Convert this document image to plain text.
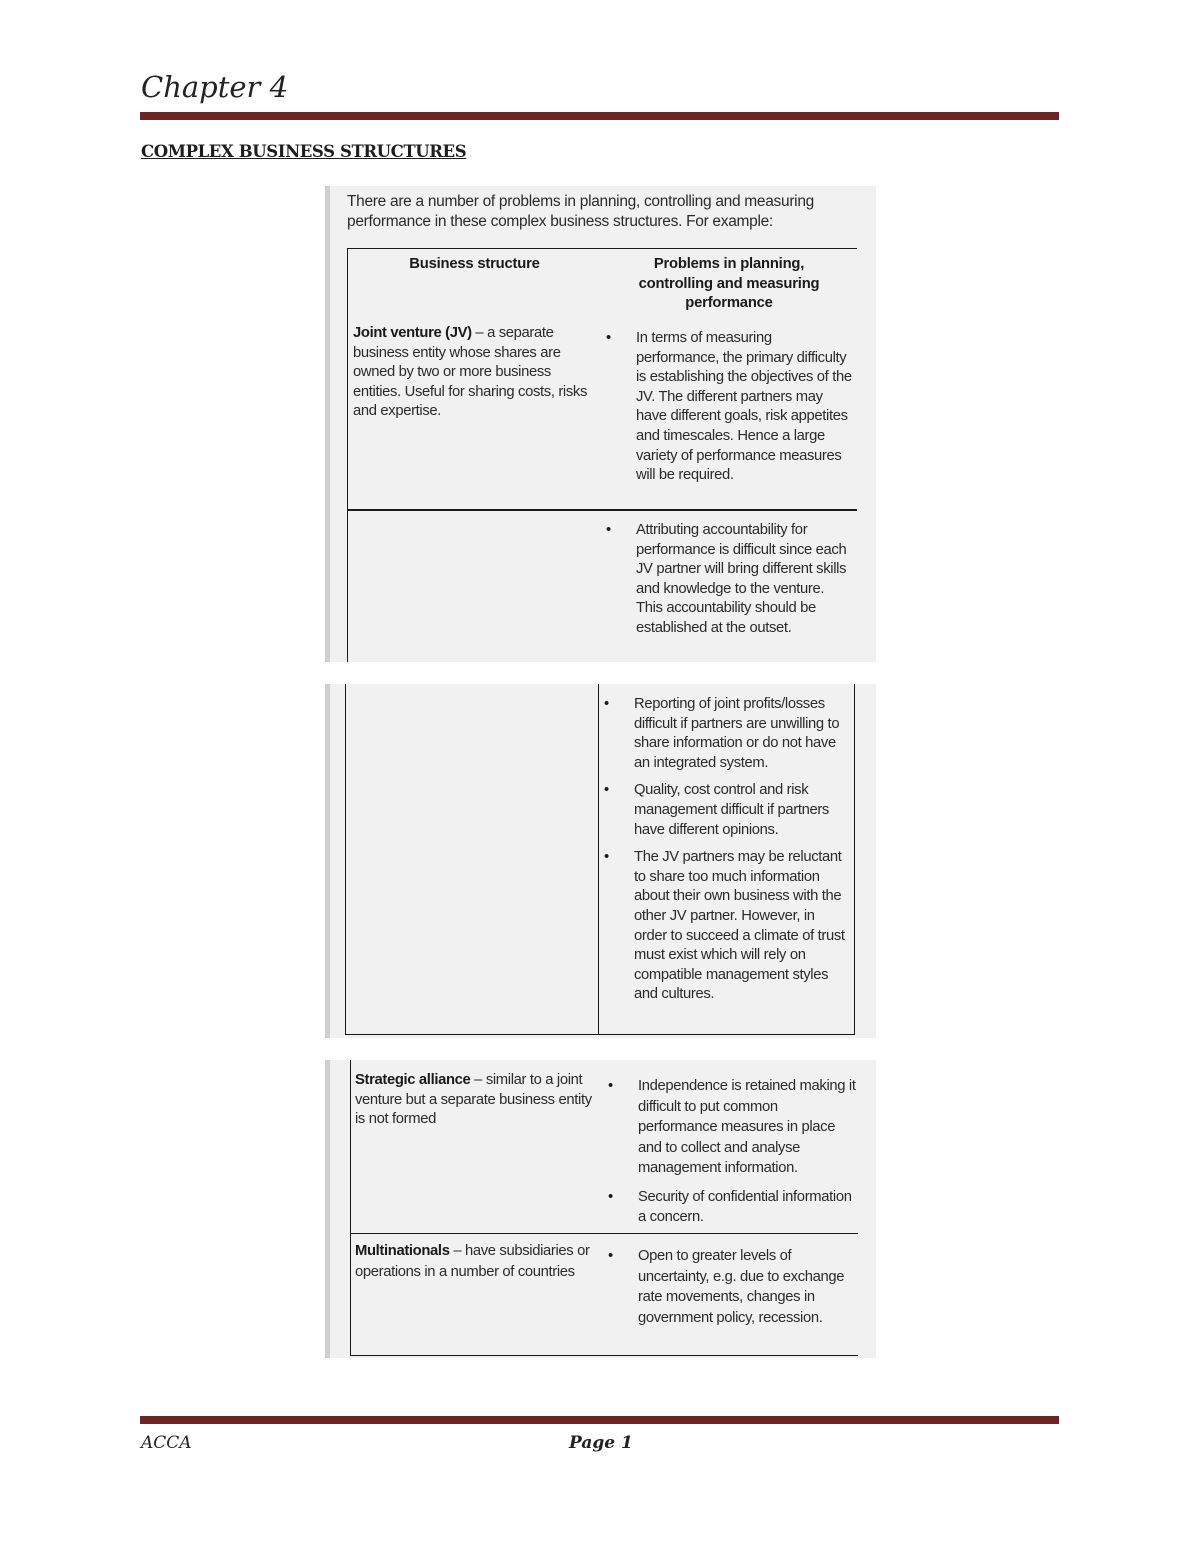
Chapter 4
COMPLEX BUSINESS STRUCTURES

There are a number of problems in planning, controlling and measuring performance in these complex business structures. For example:

Business structure	Problems in planning, controlling and measuring performance
Joint venture (JV) – a separate business entity whose shares are owned by two or more business entities. Useful for sharing costs, risks and expertise.
• In terms of measuring performance, the primary difficulty is establishing the objectives of the JV. The different partners may have different goals, risk appetites and timescales. Hence a large variety of performance measures will be required.
• Attributing accountability for performance is difficult since each JV partner will bring different skills and knowledge to the venture. This accountability should be established at the outset.
• Reporting of joint profits/losses difficult if partners are unwilling to share information or do not have an integrated system.
• Quality, cost control and risk management difficult if partners have different opinions.
• The JV partners may be reluctant to share too much information about their own business with the other JV partner. However, in order to succeed a climate of trust must exist which will rely on compatible management styles and cultures.
Strategic alliance – similar to a joint venture but a separate business entity is not formed
• Independence is retained making it difficult to put common performance measures in place and to collect and analyse management information.
• Security of confidential information a concern.
Multinationals – have subsidiaries or operations in a number of countries
• Open to greater levels of uncertainty, e.g. due to exchange rate movements, changes in government policy, recession.
ACCA	Page 1
